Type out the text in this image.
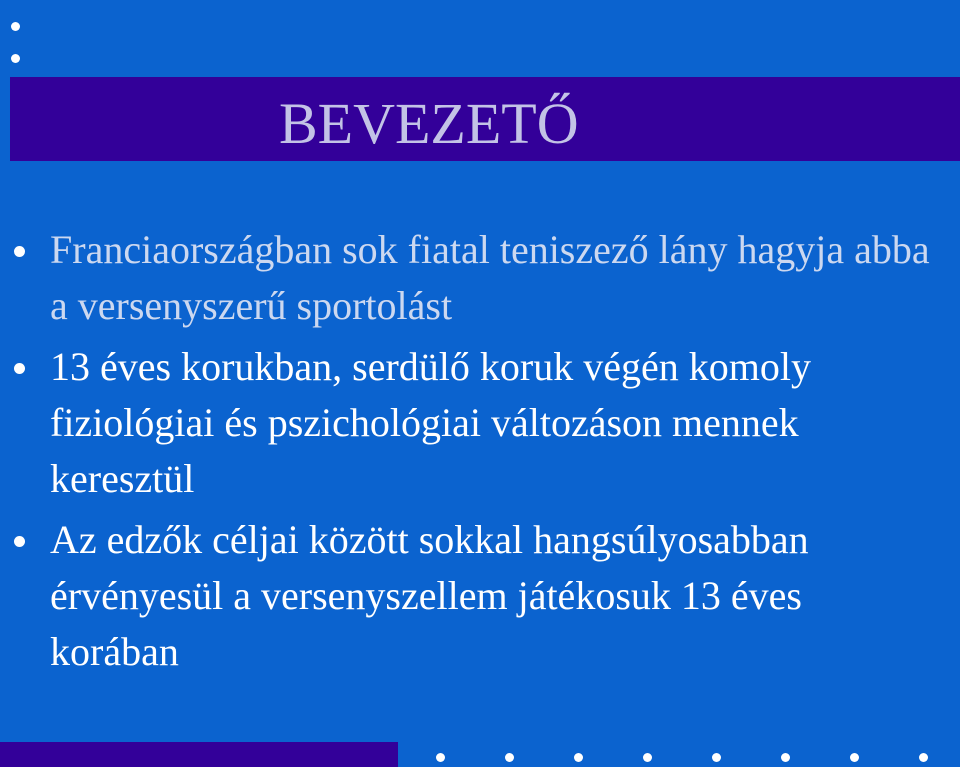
BEVEZETŐ
Franciaországban sok fiatal teniszező lány hagyja abba a versenyszerű sportolást
13 éves korukban, serdülő koruk végén komoly fiziológiai és pszichológiai változáson mennek keresztül
Az edzők céljai között sokkal hangsúlyosabban érvényesül a versenyszellem játékosuk 13 éves korában
